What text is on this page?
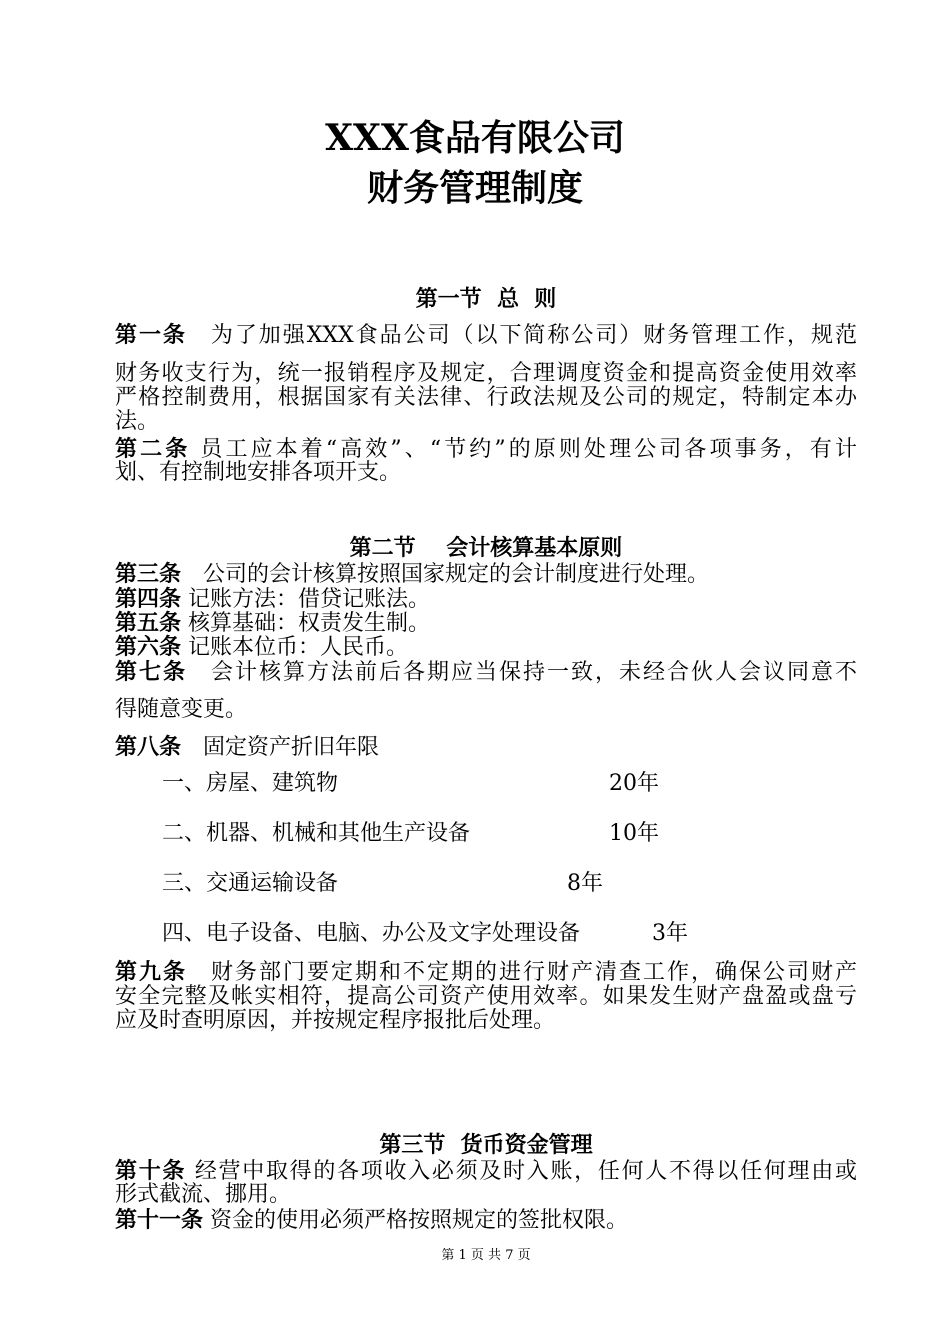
XXX食品有限公司
财务管理制度
第一节  总  则
第一条　 为了加强XXX食品公司（以下简称公司）财务管理工作，规范
财务收支行为，统一报销程序及规定，合理调度资金和提高资金使用效率
严格控制费用，根据国家有关法律、行政法规及公司的规定，特制定本办
法。
第二条 员工应本着“高效”、“节约”的原则处理公司各项事务，有计
划、有控制地安排各项开支。
第二节    会计核算基本原则
第三条　 公司的会计核算按照国家规定的会计制度进行处理。
第四条 记账方法：借贷记账法。
第五条 核算基础：权责发生制。
第六条 记账本位币：人民币。
第七条　 会计核算方法前后各期应当保持一致，未经合伙人会议同意不
得随意变更。
第八条　 固定资产折旧年限
一、房屋、建筑物	20年
二、机器、机械和其他生产设备	10年
三、交通运输设备	8年
四、电子设备、电脑、办公及文字处理设备	3年
第九条　 财务部门要定期和不定期的进行财产清查工作，确保公司财产
安全完整及帐实相符，提高公司资产使用效率。如果发生财产盘盈或盘亏
应及时查明原因，并按规定程序报批后处理。
第三节  货币资金管理
第十条 经营中取得的各项收入必须及时入账，任何人不得以任何理由或
形式截流、挪用。
第十一条 资金的使用必须严格按照规定的签批权限。
第 1 页 共 7 页
